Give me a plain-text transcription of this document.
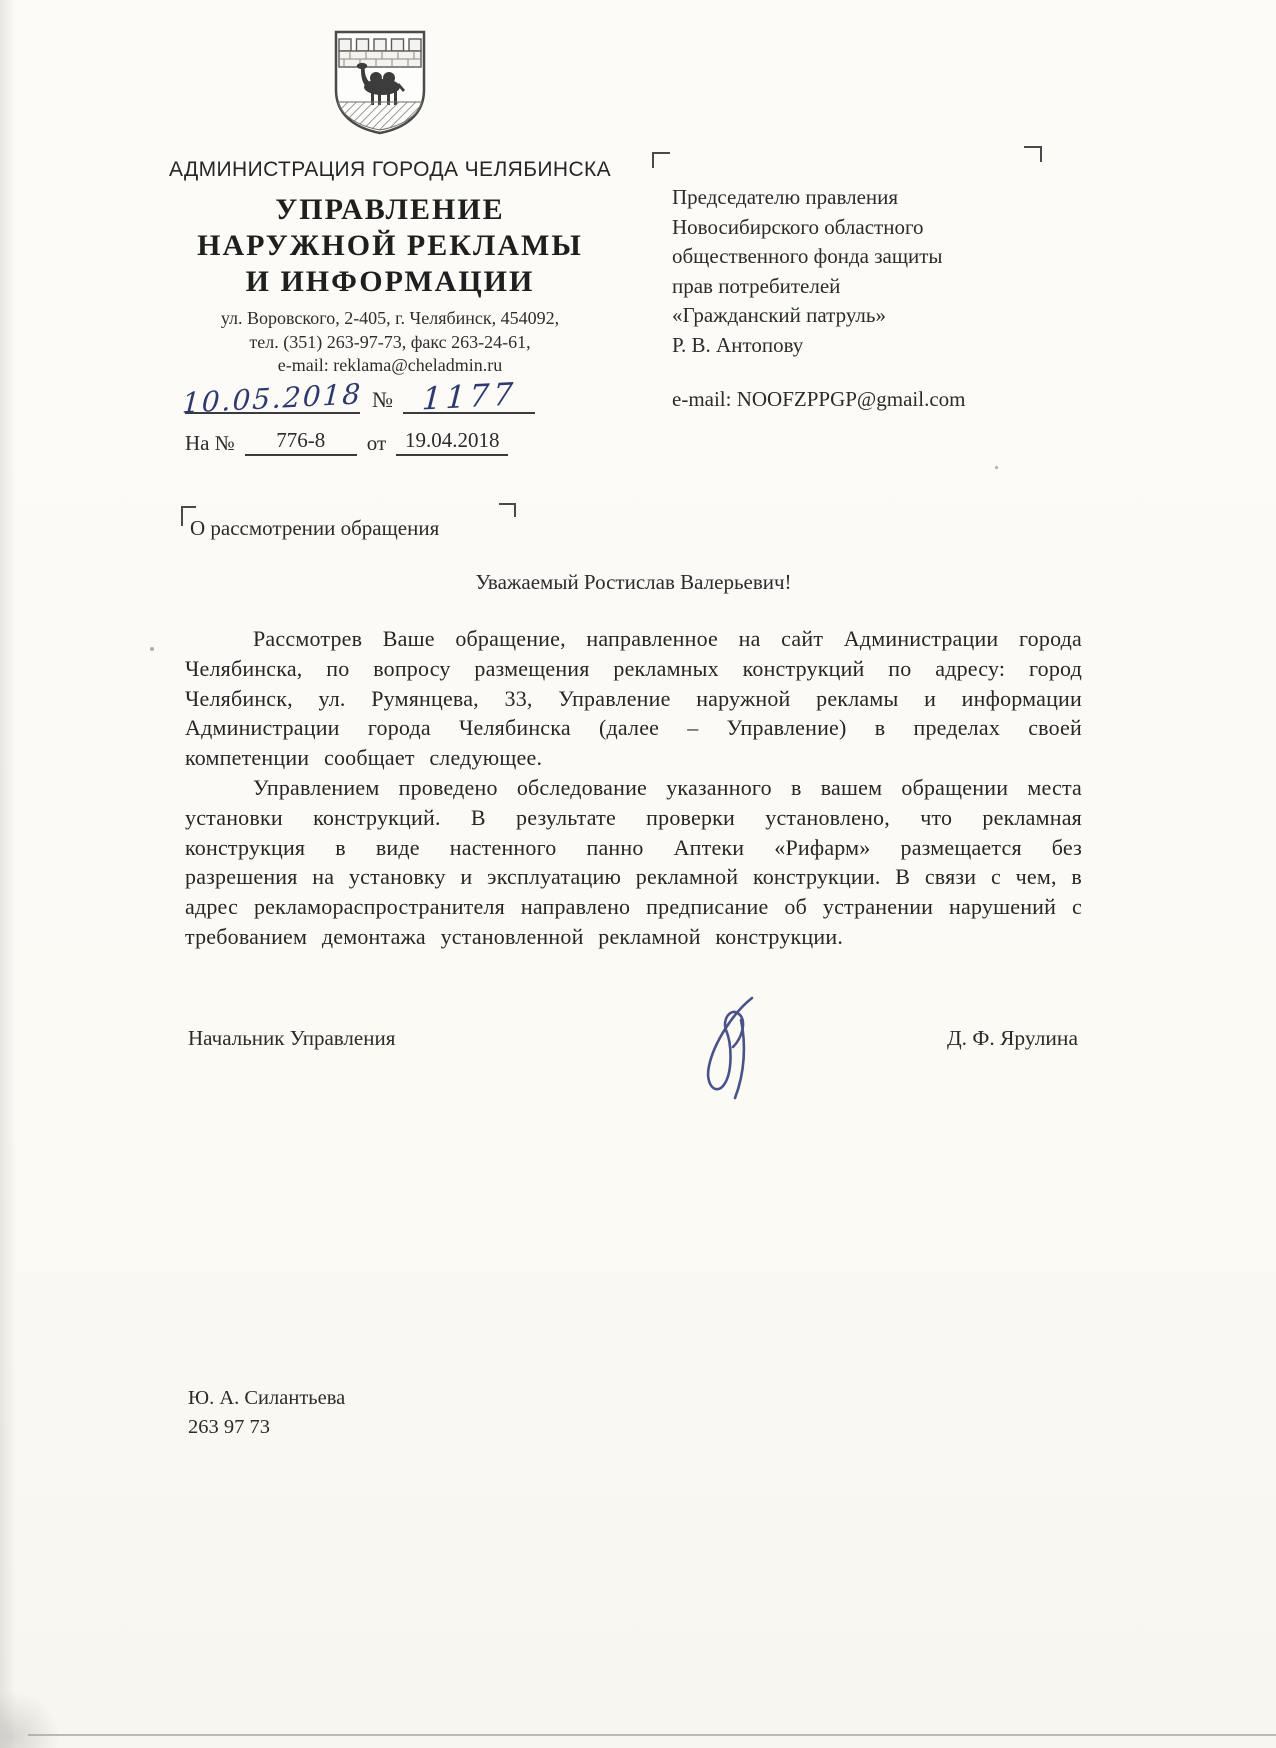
АДМИНИСТРАЦИЯ ГОРОДА ЧЕЛЯБИНСКА
УПРАВЛЕНИЕ
НАРУЖНОЙ РЕКЛАМЫ
И ИНФОРМАЦИИ
ул. Воровского, 2-405, г. Челябинск, 454092,
тел. (351) 263-97-73, факс 263-24-61,
e-mail: reklama@cheladmin.ru
10.05.2018 № 1177
На № 776-8 от 19.04.2018
Председателю правления
Новосибирского областного
общественного фонда защиты
прав потребителей
«Гражданский патруль»
Р. В. Антопову
e-mail: NOOFZPPGP@gmail.com
О рассмотрении обращения
Уважаемый Ростислав Валерьевич!

Рассмотрев Ваше обращение, направленное на сайт Администрации города Челябинска, по вопросу размещения рекламных конструкций по адресу: город Челябинск, ул. Румянцева, 33, Управление наружной рекламы и информации Администрации города Челябинска (далее – Управление) в пределах своей компетенции сообщает следующее.

Управлением проведено обследование указанного в вашем обращении места установки конструкций. В результате проверки установлено, что рекламная конструкция в виде настенного панно Аптеки «Рифарм» размещается без разрешения на установку и эксплуатацию рекламной конструкции. В связи с чем, в адрес рекламораспространителя направлено предписание об устранении нарушений с требованием демонтажа установленной рекламной конструкции.

Начальник Управления	Д. Ф. Ярулина
Ю. А. Силантьева
263 97 73
